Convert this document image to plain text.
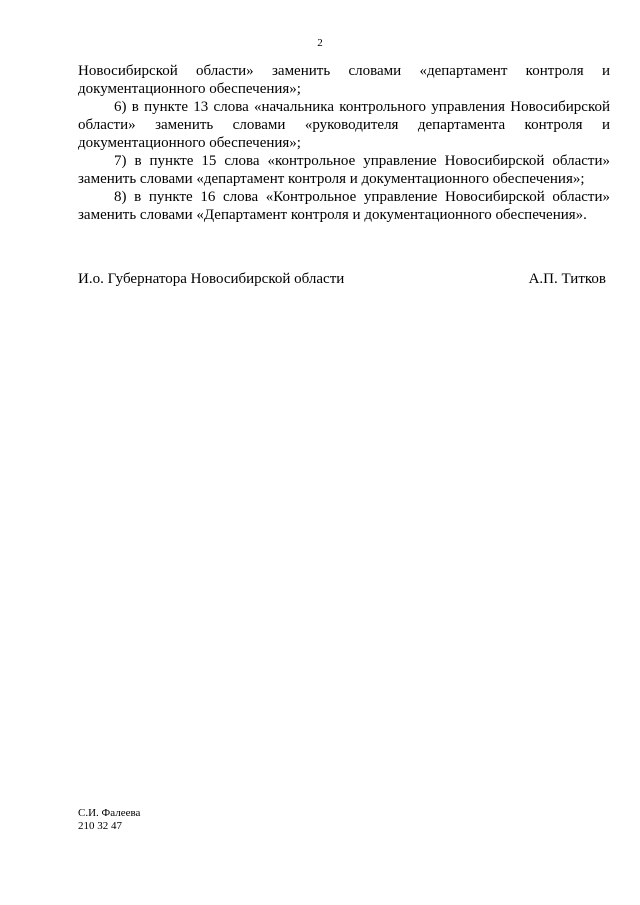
2

Новосибирской области» заменить словами «департамент контроля и документационного обеспечения»;

6) в пункте 13 слова «начальника контрольного управления Новосибирской области» заменить словами «руководителя департамента контроля и документационного обеспечения»;

7) в пункте 15 слова «контрольное управление Новосибирской области» заменить словами «департамент контроля и документационного обеспечения»;

8) в пункте 16 слова «Контрольное управление Новосибирской области» заменить словами «Департамент контроля и документационного обеспечения».

И.о. Губернатора Новосибирской области	А.П. Титков
С.И. Фалеева
210 32 47
